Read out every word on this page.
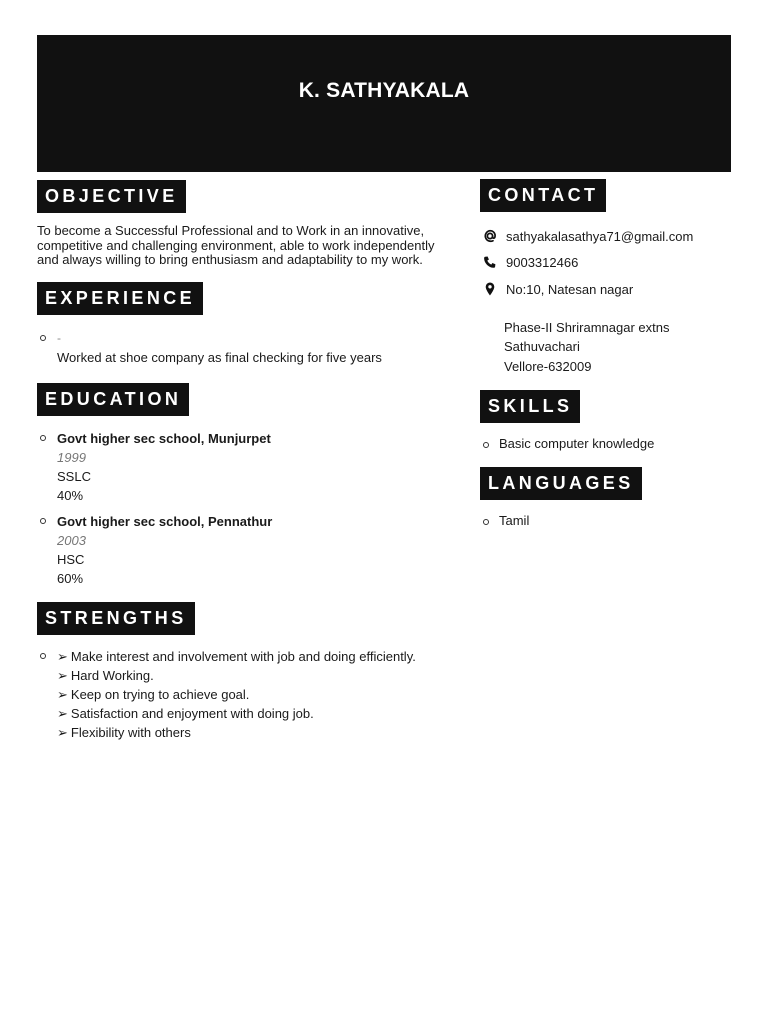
K. SATHYAKALA
OBJECTIVE
To become a Successful Professional and to Work in an innovative, competitive and challenging environment, able to work independently and always willing to bring enthusiasm and adaptability to my work.
EXPERIENCE
-
Worked at shoe company as final checking for five years
EDUCATION
Govt higher sec school, Munjurpet
1999
SSLC
40%
Govt higher sec school, Pennathur
2003
HSC
60%
STRENGTHS
➢ Make interest and involvement with job and doing efficiently.
➢ Hard Working.
➢ Keep on trying to achieve goal.
➢ Satisfaction and enjoyment with doing job.
➢ Flexibility with others
CONTACT
sathyakalasathya71@gmail.com
9003312466
No:10, Natesan nagar
Phase-II Shriramnagar extns
Sathuvachari
Vellore-632009
SKILLS
Basic computer knowledge
LANGUAGES
Tamil
